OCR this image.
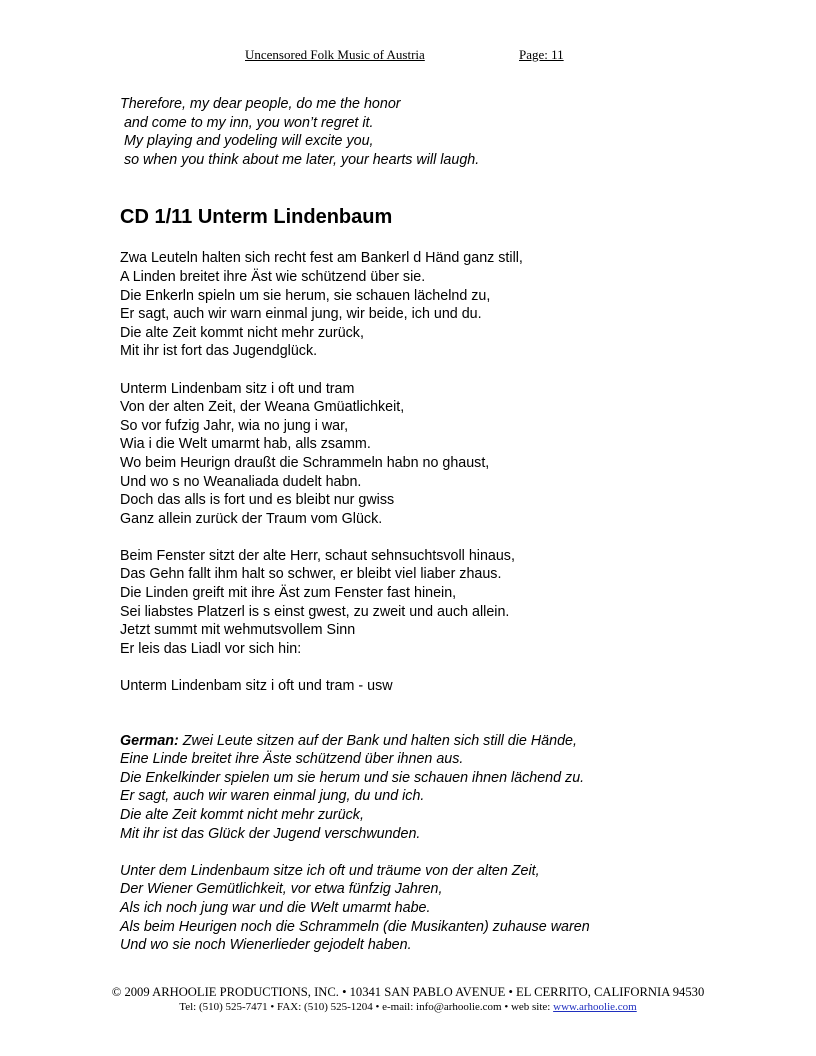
Uncensored Folk Music of Austria	Page: 11
Therefore, my dear people, do me the honor
and come to my inn, you won’t regret it.
My playing and yodeling will excite you,
so when you think about me later, your hearts will laugh.
CD 1/11 Unterm Lindenbaum
Zwa Leuteln halten sich recht fest am Bankerl d Händ ganz still,
A Linden breitet ihre Äst wie schützend über sie.
Die Enkerln spieln um sie herum, sie schauen lächelnd zu,
Er sagt, auch wir warn einmal jung, wir beide, ich und du.
Die alte Zeit kommt nicht mehr zurück,
Mit ihr ist fort das Jugendglück.
Unterm Lindenbam sitz i oft und tram
Von der alten Zeit, der Weana Gmüatlichkeit,
So vor fufzig Jahr, wia no jung i war,
Wia i die Welt umarmt hab, alls zsamm.
Wo beim Heurign draußt die Schrammeln habn no ghaust,
Und wo s no Weanaliada dudelt habn.
Doch das alls is fort und es bleibt nur gwiss
Ganz allein zurück der Traum vom Glück.
Beim Fenster sitzt der alte Herr, schaut sehnsuchtsvoll hinaus,
Das Gehn fallt ihm halt so schwer, er bleibt viel liaber zhaus.
Die Linden greift mit ihre Äst zum Fenster fast hinein,
Sei liabstes Platzerl is s einst gwest, zu zweit und auch allein.
Jetzt summt mit wehmutsvollem Sinn
Er leis das Liadl vor sich hin:
Unterm Lindenbam sitz i oft und tram - usw
German: Zwei Leute sitzen auf der Bank und halten sich still die Hände,
Eine Linde breitet ihre Äste schützend über ihnen aus.
Die Enkelkinder spielen um sie herum und sie schauen ihnen lächend zu.
Er sagt, auch wir waren einmal jung, du und ich.
Die alte Zeit kommt nicht mehr zurück,
Mit ihr ist das Glück der Jugend verschwunden.
Unter dem Lindenbaum sitze ich oft und träume von der alten Zeit,
Der Wiener Gemütlichkeit, vor etwa fünfzig Jahren,
Als ich noch jung war und die Welt umarmt habe.
Als beim Heurigen noch die Schrammeln (die Musikanten) zuhause waren
Und wo sie noch Wienerlieder gejodelt haben.
© 2009 ARHOOLIE PRODUCTIONS, INC. • 10341 SAN PABLO AVENUE • EL CERRITO, CALIFORNIA 94530
Tel: (510) 525-7471 • FAX: (510) 525-1204 • e-mail: info@arhoolie.com • web site: www.arhoolie.com
